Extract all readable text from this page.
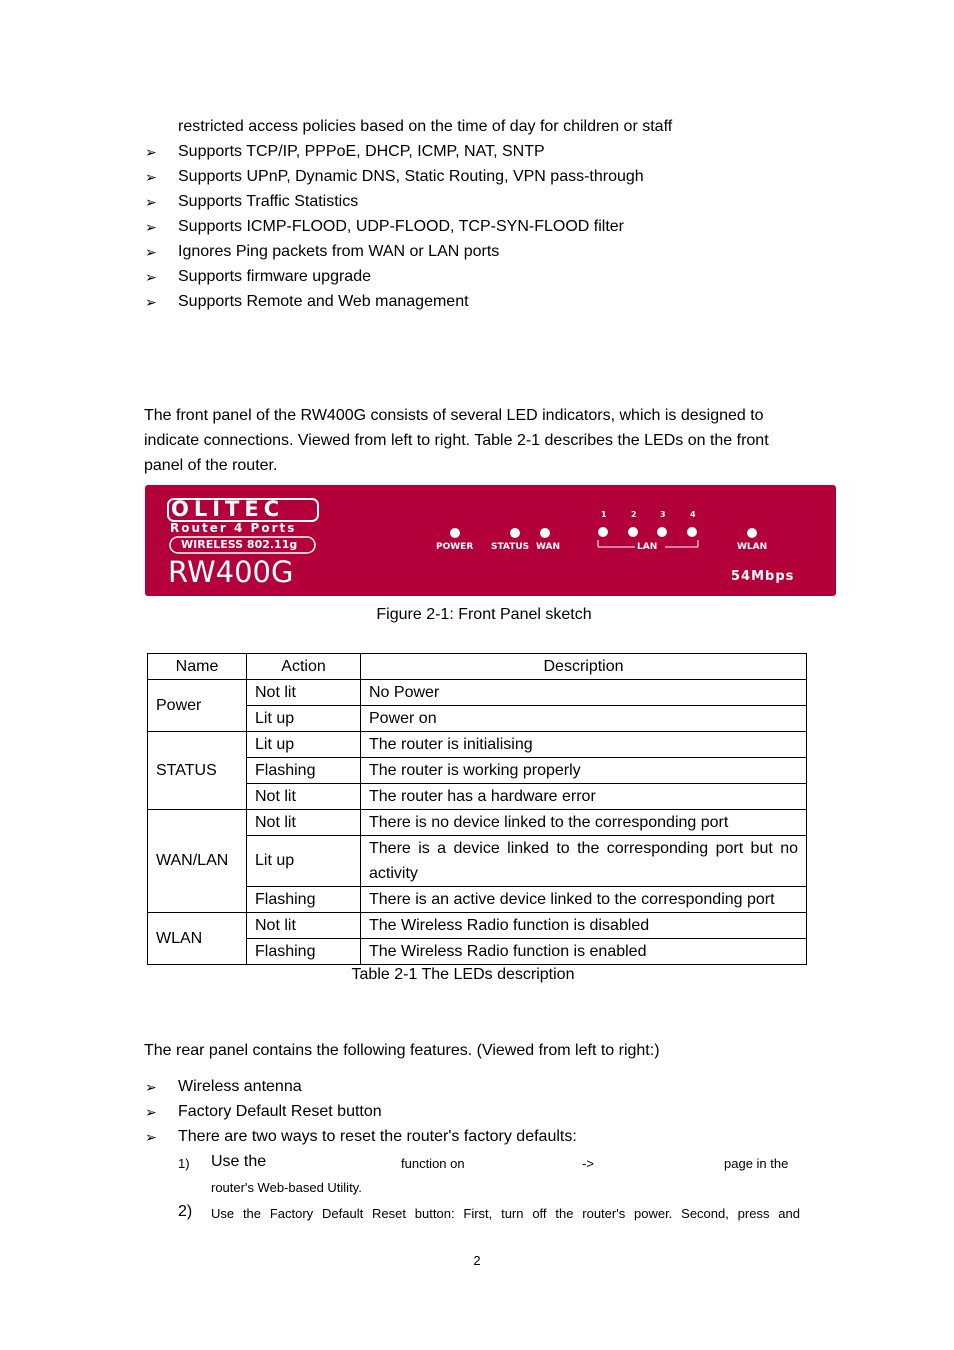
restricted access policies based on the time of day for children or staff
➢ Supports TCP/IP, PPPoE, DHCP, ICMP, NAT, SNTP
➢ Supports UPnP, Dynamic DNS, Static Routing, VPN pass-through
➢ Supports Traffic Statistics
➢ Supports ICMP-FLOOD, UDP-FLOOD, TCP-SYN-FLOOD filter
➢ Ignores Ping packets from WAN or LAN ports
➢ Supports firmware upgrade
➢ Supports Remote and Web management
The front panel of the RW400G consists of several LED indicators, which is designed to indicate connections. Viewed from left to right. Table 2-1 describes the LEDs on the front panel of the router.
OLITEC
Router 4 Ports
WIRELESS 802.11g
RW400G	54Mbps
POWER STATUS WAN
1	2	3	4
LAN	WLAN
Figure 2-1: Front Panel sketch
Name	Action	Description
Power	Not lit	No Power
	Lit up	Power on
STATUS	Lit up	The router is initialising
	Flashing	The router is working properly
	Not lit	The router has a hardware error
WAN/LAN	Not lit	There is no device linked to the corresponding port
	Lit up	There is a device linked to the corresponding port but no activity
	Flashing	There is an active device linked to the corresponding port
WLAN	Not lit	The Wireless Radio function is disabled
	Flashing	The Wireless Radio function is enabled
Table 2-1 The LEDs description
The rear panel contains the following features. (Viewed from left to right:)
➢ Wireless antenna
➢ Factory Default Reset button
➢ There are two ways to reset the router's factory defaults:
1) Use the	function on	->	page in the
router's Web-based Utility.
2) Use the Factory Default Reset button: First, turn off the router's power. Second, press and
2
